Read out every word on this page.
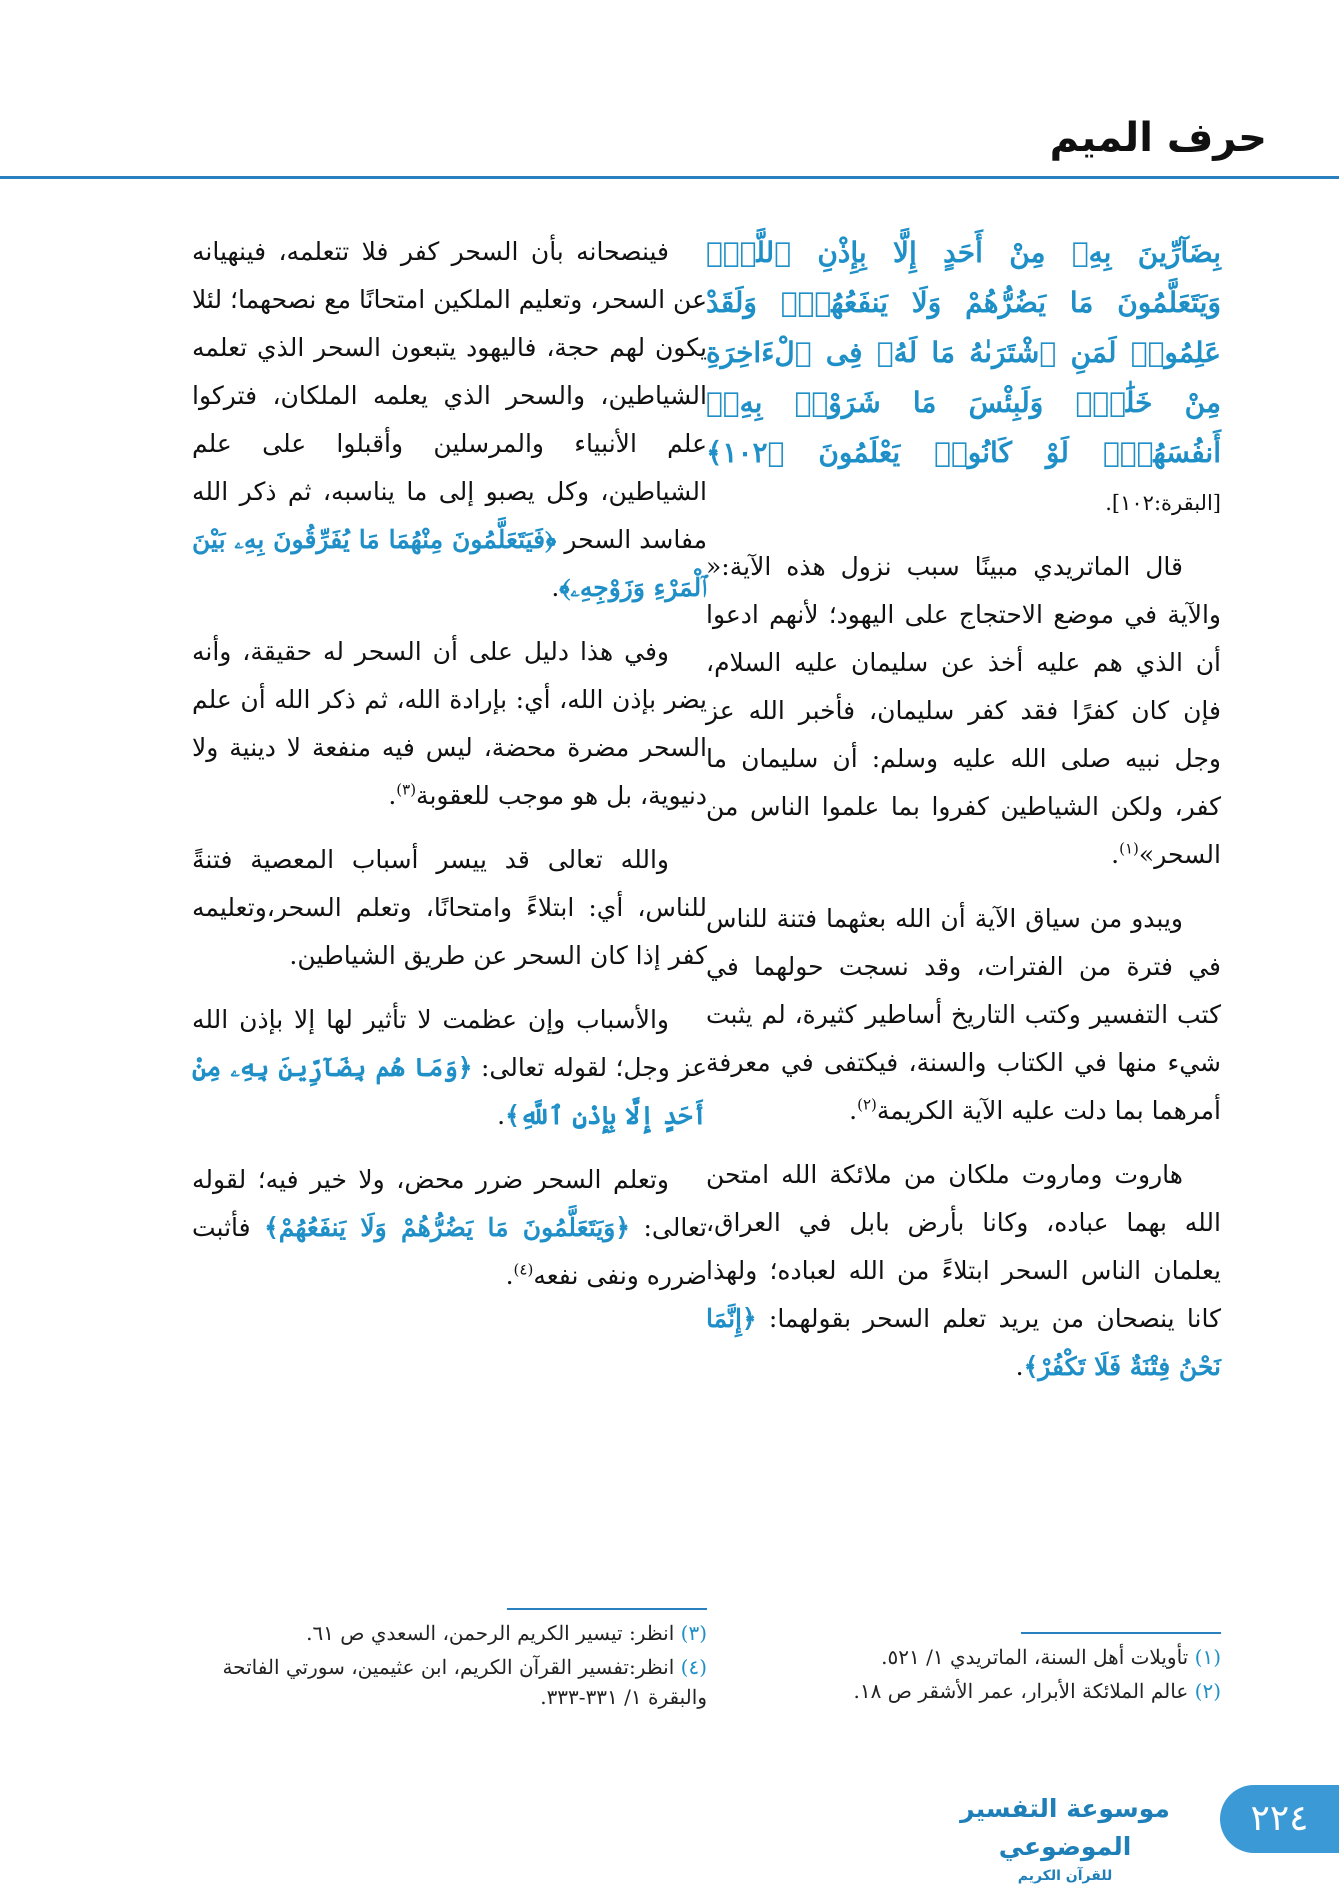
حرف الميم

بِضَآرِّينَ بِهِۦ مِنْ أَحَدٍ إِلَّا بِإِذْنِ ٱللَّهِۚ وَيَتَعَلَّمُونَ مَا يَضُرُّهُمْ وَلَا يَنفَعُهُمْۚ وَلَقَدْ عَلِمُوا۟ لَمَنِ ٱشْتَرَىٰهُ مَا لَهُۥ فِى ٱلْءَاخِرَةِ مِنْ خَلَٰقٍۚ وَلَبِئْسَ مَا شَرَوْا۟ بِهِۦٓ أَنفُسَهُمْۚ لَوْ كَانُوا۟ يَعْلَمُونَ ﴿١٠٢﴾ [البقرة:١٠٢].

قال الماتريدي مبينًا سبب نزول هذه الآية:« والآية في موضع الاحتجاج على اليهود؛ لأنهم ادعوا أن الذي هم عليه أخذ عن سليمان عليه السلام، فإن كان كفرًا فقد كفر سليمان، فأخبر الله عز وجل نبيه صلى الله عليه وسلم: أن سليمان ما كفر، ولكن الشياطين كفروا بما علموا الناس من السحر»$^{(١)}$.

ويبدو من سياق الآية أن الله بعثهما فتنة للناس في فترة من الفترات، وقد نسجت حولهما في كتب التفسير وكتب التاريخ أساطير كثيرة، لم يثبت شيء منها في الكتاب والسنة، فيكتفى في معرفة أمرهما بما دلت عليه الآية الكريمة$^{(٢)}$.

هاروت وماروت ملكان من ملائكة الله امتحن الله بهما عباده، وكانا بأرض بابل في العراق، يعلمان الناس السحر ابتلاءً من الله لعباده؛ ولهذا كانا ينصحان من يريد تعلم السحر بقولهما: ﴿إِنَّمَا نَحْنُ فِتْنَةٌ فَلَا تَكْفُرْ﴾.

فينصحانه بأن السحر كفر فلا تتعلمه، فينهيانه عن السحر، وتعليم الملكين امتحانًا مع نصحهما؛ لئلا يكون لهم حجة، فاليهود يتبعون السحر الذي تعلمه الشياطين، والسحر الذي يعلمه الملكان، فتركوا علم الأنبياء والمرسلين وأقبلوا على علم الشياطين، وكل يصبو إلى ما يناسبه، ثم ذكر الله مفاسد السحر ﴿فَيَتَعَلَّمُونَ مِنْهُمَا مَا يُفَرِّقُونَ بِهِۦ بَيْنَ ٱلْمَرْءِ وَزَوْجِهِۦ﴾.

وفي هذا دليل على أن السحر له حقيقة، وأنه يضر بإذن الله، أي: بإرادة الله، ثم ذكر الله أن علم السحر مضرة محضة، ليس فيه منفعة لا دينية ولا دنيوية، بل هو موجب للعقوبة$^{(٣)}$.

والله تعالى قد ييسر أسباب المعصية فتنةً للناس، أي: ابتلاءً وامتحانًا، وتعلم السحر،وتعليمه كفر إذا كان السحر عن طريق الشياطين.

والأسباب وإن عظمت لا تأثير لها إلا بإذن الله عز وجل؛ لقوله تعالى: ﴿وَمَا هُم بِضَآرِّينَ بِهِۦ مِنْ أَحَدٍ إِلَّا بِإِذْنِ ٱللَّهِ﴾.

وتعلم السحر ضرر محض، ولا خير فيه؛ لقوله تعالى: ﴿وَيَتَعَلَّمُونَ مَا يَضُرُّهُمْ وَلَا يَنفَعُهُمْ﴾ فأثبت ضرره ونفى نفعه$^{(٤)}$.

(١) تأويلات أهل السنة، الماتريدي ١/ ٥٢١.
(٢) عالم الملائكة الأبرار، عمر الأشقر ص ١٨.
(٣) انظر: تيسير الكريم الرحمن، السعدي ص ٦١.
(٤) انظر:تفسير القرآن الكريم، ابن عثيمين، سورتي الفاتحة والبقرة ١/ ٣٣١-٣٣٣.
موسوعة التفسير الموضوعي
للقرآن الكريم
٢٢٤
